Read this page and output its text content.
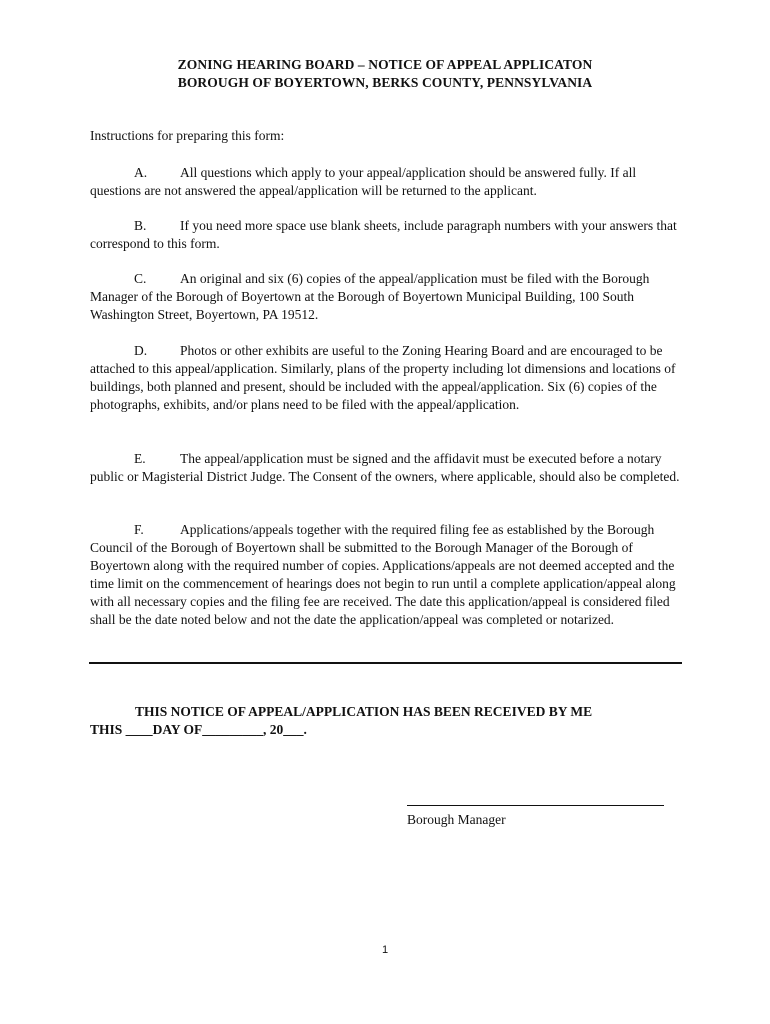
ZONING HEARING BOARD – NOTICE OF APPEAL APPLICATON
BOROUGH OF BOYERTOWN, BERKS COUNTY, PENNSYLVANIA
Instructions for preparing this form:
A. All questions which apply to your appeal/application should be answered fully. If all questions are not answered the appeal/application will be returned to the applicant.
B. If you need more space use blank sheets, include paragraph numbers with your answers that correspond to this form.
C. An original and six (6) copies of the appeal/application must be filed with the Borough Manager of the Borough of Boyertown at the Borough of Boyertown Municipal Building, 100 South Washington Street, Boyertown, PA 19512.
D. Photos or other exhibits are useful to the Zoning Hearing Board and are encouraged to be attached to this appeal/application. Similarly, plans of the property including lot dimensions and locations of buildings, both planned and present, should be included with the appeal/application. Six (6) copies of the photographs, exhibits, and/or plans need to be filed with the appeal/application.
E.	The appeal/application must be signed and the affidavit must be executed before a notary public or Magisterial District Judge. The Consent of the owners, where applicable, should also be completed.
F.	Applications/appeals together with the required filing fee as established by the Borough Council of the Borough of Boyertown shall be submitted to the Borough Manager of the Borough of Boyertown along with the required number of copies. Applications/appeals are not deemed accepted and the time limit on the commencement of hearings does not begin to run until a complete application/appeal along with all necessary copies and the filing fee are received. The date this application/appeal is considered filed shall be the date noted below and not the date the application/appeal was completed or notarized.
THIS NOTICE OF APPEAL/APPLICATION HAS BEEN RECEIVED BY ME
THIS ____DAY OF_________, 20___.
Borough Manager
1
